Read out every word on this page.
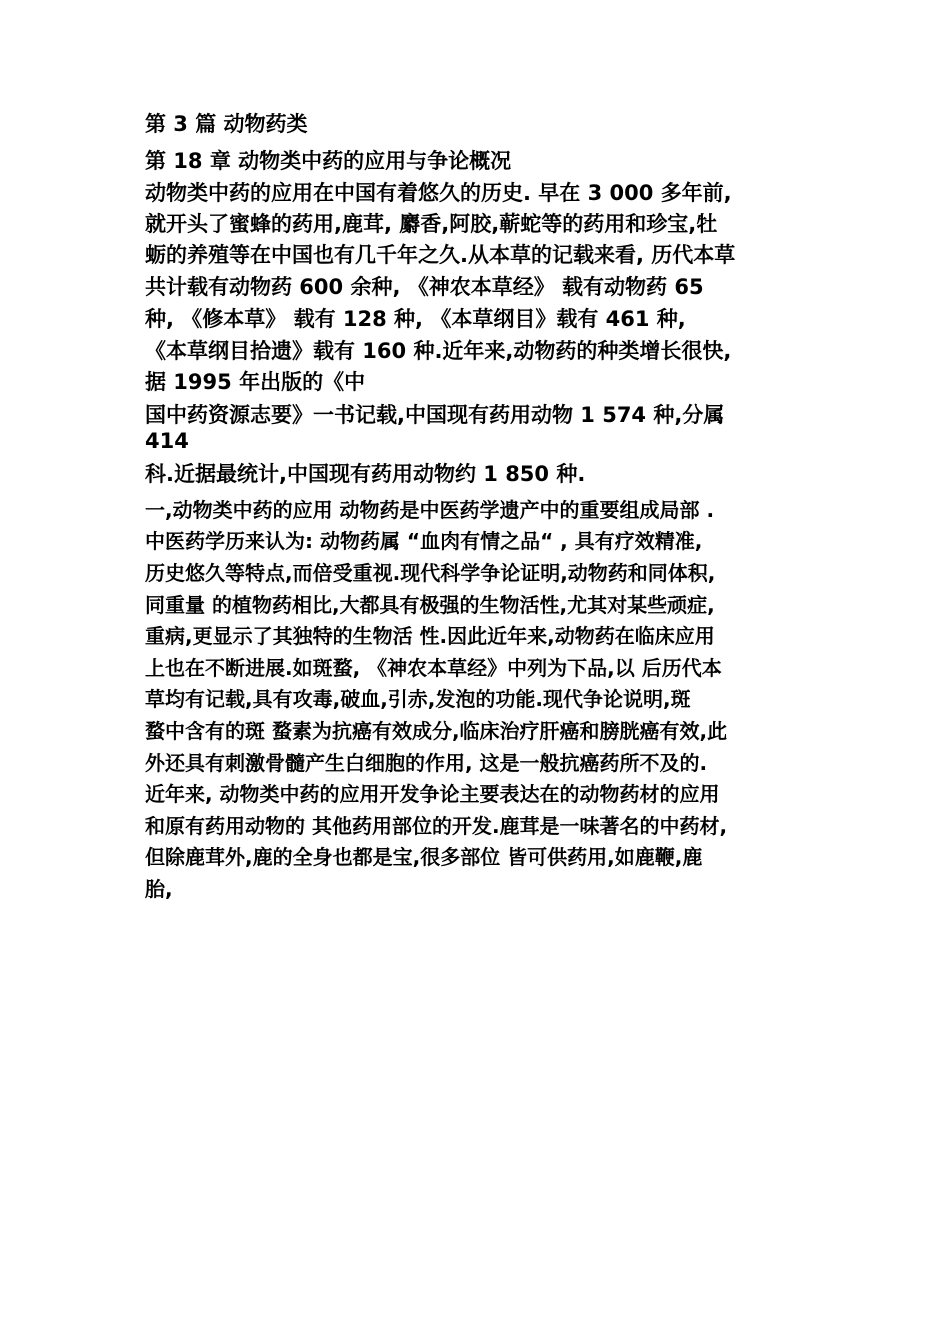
第 3 篇 动物药类

第 18 章 动物类中药的应用与争论概况

动物类中药的应用在中国有着悠久的历史. 早在 3 000 多年前,

就开头了蜜蜂的药用,鹿茸, 麝香,阿胶,蕲蛇等的药用和珍宝,牡

蛎的养殖等在中国也有几千年之久.从本草的记载来看, 历代本草

共计载有动物药 600 余种, 《神农本草经》 载有动物药 65

种, 《修本草》 载有 128 种, 《本草纲目》载有 461 种,

《本草纲目拾遗》载有 160 种.近年来,动物药的种类增长很快,

据 1995 年出版的《中

国中药资源志要》一书记载,中国现有药用动物 1 574 种,分属

414

科.近据最统计,中国现有药用动物约 1 850 种.

一,动物类中药的应用 动物药是中医药学遗产中的重要组成局部 .

中医药学历来认为: 动物药属 “血肉有情之品“ , 具有疗效精准,

历史悠久等特点,而倍受重视.现代科学争论证明,动物药和同体积,

同重量 的植物药相比,大都具有极强的生物活性,尤其对某些顽症,

重病,更显示了其独特的生物活 性.因此近年来,动物药在临床应用

上也在不断进展.如斑蝥, 《神农本草经》中列为下品,以 后历代本

草均有记载,具有攻毒,破血,引赤,发泡的功能.现代争论说明,斑

蝥中含有的斑 蝥素为抗癌有效成分,临床治疗肝癌和膀胱癌有效,此

外还具有刺激骨髓产生白细胞的作用, 这是一般抗癌药所不及的.

近年来, 动物类中药的应用开发争论主要表达在的动物药材的应用

和原有药用动物的 其他药用部位的开发.鹿茸是一味著名的中药材,

但除鹿茸外,鹿的全身也都是宝,很多部位 皆可供药用,如鹿鞭,鹿

胎,
